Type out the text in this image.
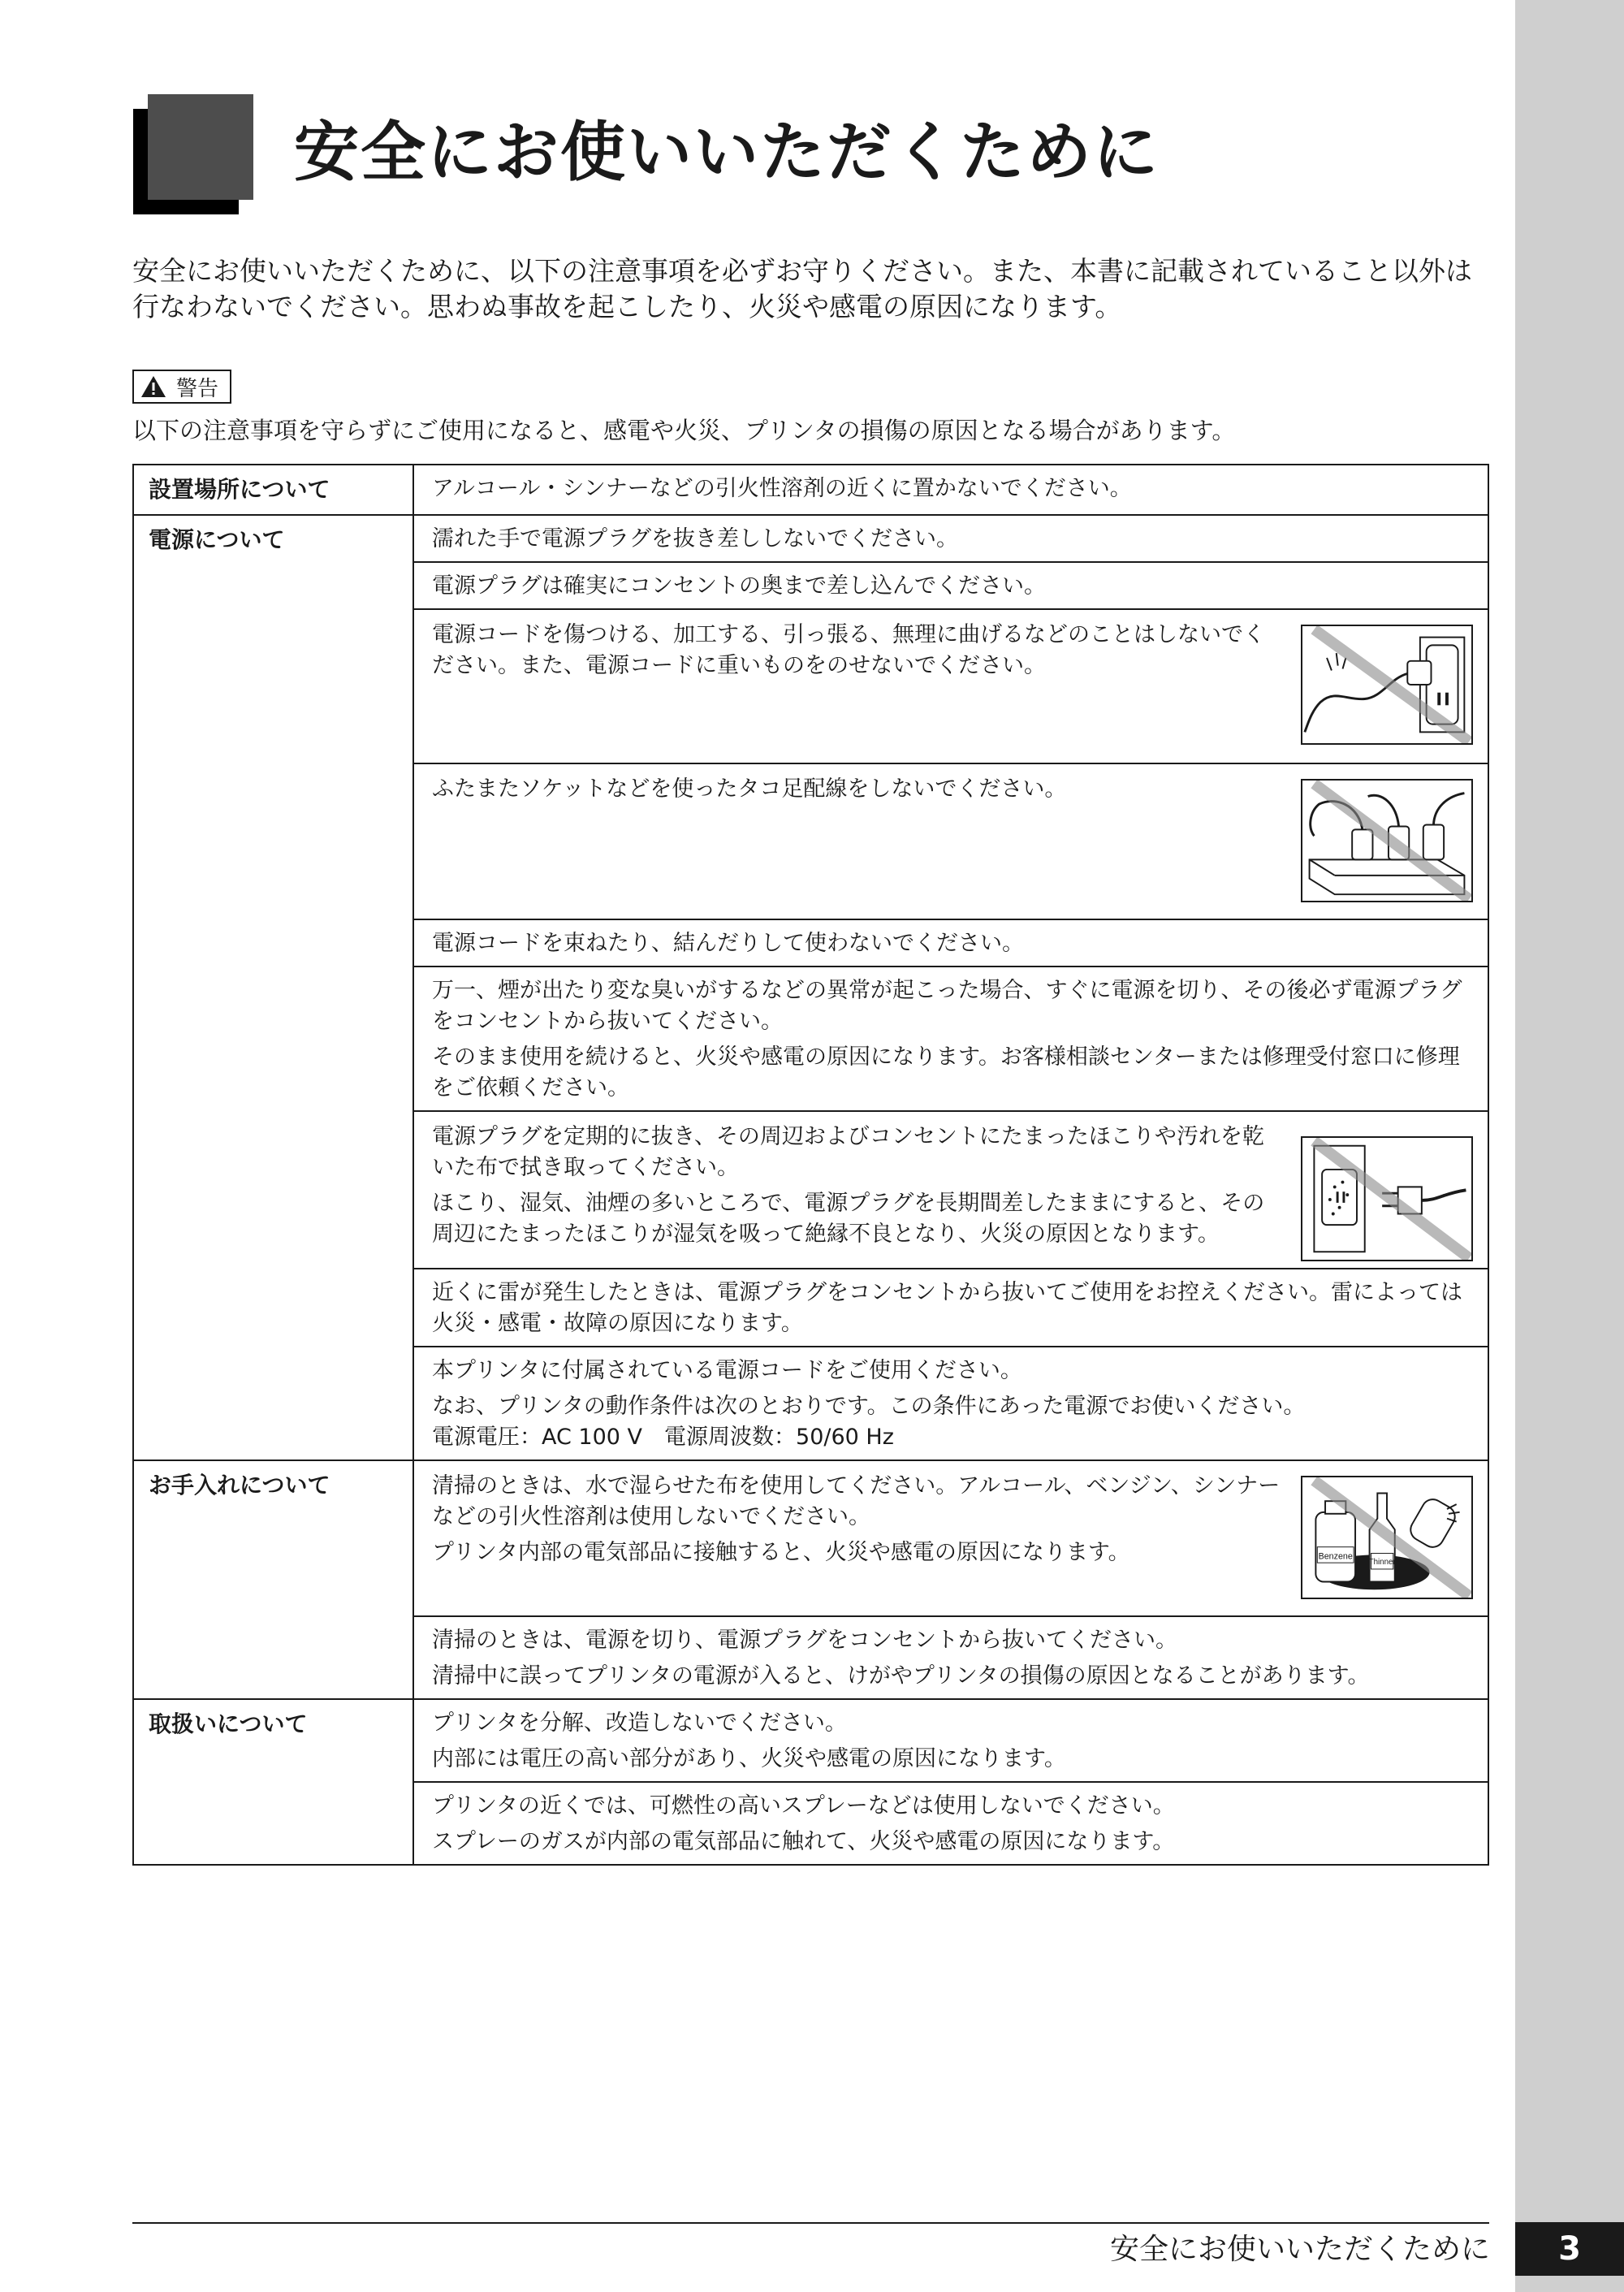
安全にお使いいただくために

安全にお使いいただくために、以下の注意事項を必ずお守りください。また、本書に記載されていること以外は行なわないでください。思わぬ事故を起こしたり、火災や感電の原因になります。

警告

以下の注意事項を守らずにご使用になると、感電や火災、プリンタの損傷の原因となる場合があります。

設置場所について	アルコール・シンナーなどの引火性溶剤の近くに置かないでください。

電源について	濡れた手で電源プラグを抜き差ししないでください。

	電源プラグは確実にコンセントの奥まで差し込んでください。

	電源コードを傷つける、加工する、引っ張る、無理に曲げるなどのことはしないでください。また、電源コードに重いものをのせないでください。

	ふたまたソケットなどを使ったタコ足配線をしないでください。

	電源コードを束ねたり、結んだりして使わないでください。

	万一、煙が出たり変な臭いがするなどの異常が起こった場合、すぐに電源を切り、その後必ず電源プラグをコンセントから抜いてください。

そのまま使用を続けると、火災や感電の原因になります。お客様相談センターまたは修理受付窓口に修理をご依頼ください。

	電源プラグを定期的に抜き、その周辺およびコンセントにたまったほこりや汚れを乾いた布で拭き取ってください。

ほこり、湿気、油煙の多いところで、電源プラグを長期間差したままにすると、その周辺にたまったほこりが湿気を吸って絶縁不良となり、火災の原因となります。

	近くに雷が発生したときは、電源プラグをコンセントから抜いてご使用をお控えください。雷によっては火災・感電・故障の原因になります。

	本プリンタに付属されている電源コードをご使用ください。

なお、プリンタの動作条件は次のとおりです。この条件にあった電源でお使いください。

電源電圧：AC 100 V　電源周波数：50/60 Hz

お手入れについて	清掃のときは、水で湿らせた布を使用してください。アルコール、ベンジン、シンナーなどの引火性溶剤は使用しないでください。

プリンタ内部の電気部品に接触すると、火災や感電の原因になります。 Benzene
Thinner

	清掃のときは、電源を切り、電源プラグをコンセントから抜いてください。

清掃中に誤ってプリンタの電源が入ると、けがやプリンタの損傷の原因となることがあります。

取扱いについて	プリンタを分解、改造しないでください。

内部には電圧の高い部分があり、火災や感電の原因になります。

	プリンタの近くでは、可燃性の高いスプレーなどは使用しないでください。

スプレーのガスが内部の電気部品に触れて、火災や感電の原因になります。

安全にお使いいただくために	3
